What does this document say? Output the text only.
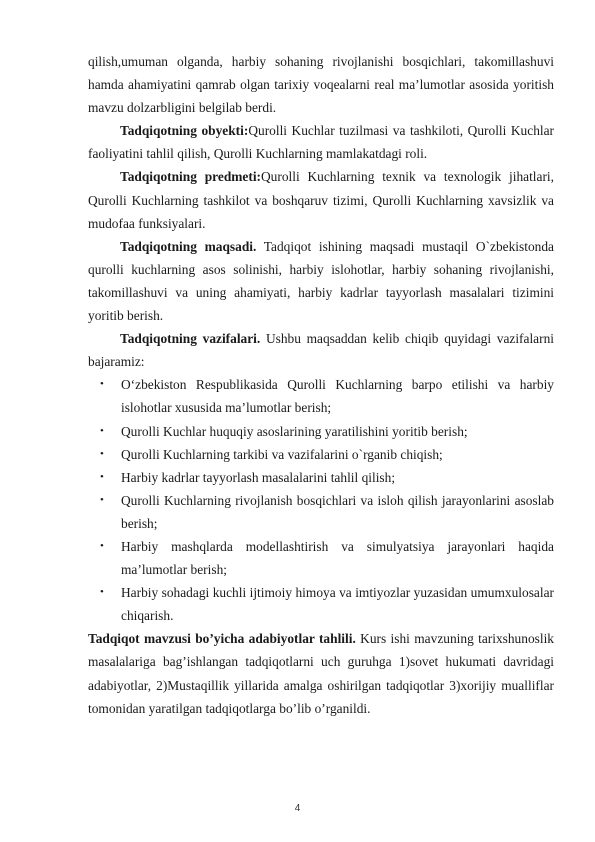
qilish,umuman olganda, harbiy sohaning rivojlanishi bosqichlari, takomillashuvi hamda ahamiyatini qamrab olgan tarixiy voqealarni real ma’lumotlar asosida yoritish mavzu dolzarbligini belgilab berdi.

Tadqiqotning obyekti:Qurolli Kuchlar tuzilmasi va tashkiloti, Qurolli Kuchlar faoliyatini tahlil qilish, Qurolli Kuchlarning mamlakatdagi roli.

Tadqiqotning predmeti:Qurolli Kuchlarning texnik va texnologik jihatlari, Qurolli Kuchlarning tashkilot va boshqaruv tizimi, Qurolli Kuchlarning xavsizlik va mudofaa funksiyalari.

Tadqiqotning maqsadi. Tadqiqot ishining maqsadi mustaqil O`zbekistonda qurolli kuchlarning asos solinishi, harbiy islohotlar, harbiy sohaning rivojlanishi, takomillashuvi va uning ahamiyati, harbiy kadrlar tayyorlash masalalari tizimini yoritib berish.

Tadqiqotning vazifalari. Ushbu maqsaddan kelib chiqib quyidagi vazifalarni bajaramiz:

• O‘zbekiston Respublikasida Qurolli Kuchlarning barpo etilishi va harbiy islohotlar xususida ma’lumotlar berish;
• Qurolli Kuchlar huquqiy asoslarining yaratilishini yoritib berish;
• Qurolli Kuchlarning tarkibi va vazifalarini o`rganib chiqish;
• Harbiy kadrlar tayyorlash masalalarini tahlil qilish;
• Qurolli Kuchlarning rivojlanish bosqichlari va isloh qilish jarayonlarini asoslab berish;
• Harbiy mashqlarda modellashtirish va simulyatsiya jarayonlari haqida ma’lumotlar berish;
• Harbiy sohadagi kuchli ijtimoiy himoya va imtiyozlar yuzasidan umumxulosalar chiqarish.

Tadqiqot mavzusi bo’yicha adabiyotlar tahlili. Kurs ishi mavzuning tarixshunoslik masalalariga bag’ishlangan tadqiqotlarni uch guruhga 1)sovet hukumati davridagi adabiyotlar, 2)Mustaqillik yillarida amalga oshirilgan tadqiqotlar 3)xorijiy mualliflar tomonidan yaratilgan tadqiqotlarga bo’lib o’rganildi.

4
